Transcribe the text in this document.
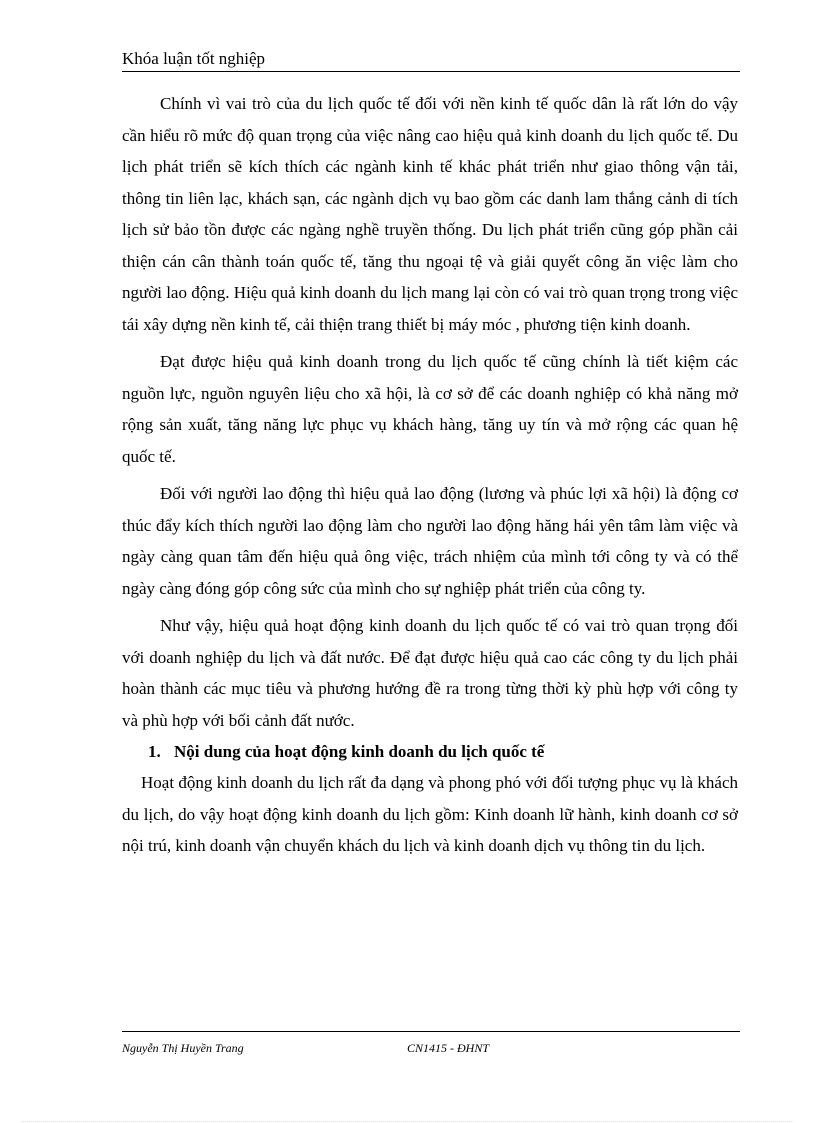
Khóa luận tốt nghiệp

Chính vì vai trò của du lịch quốc tế đối với nền kinh tế quốc dân là rất lớn do vậy cần hiểu rõ mức độ quan trọng của việc nâng cao hiệu quả kinh doanh du lịch quốc tế. Du lịch phát triển sẽ kích thích các ngành kinh tế khác phát triển như giao thông vận tải, thông tin liên lạc, khách sạn, các ngành dịch vụ bao gồm các danh lam thắng cảnh di tích lịch sử bảo tồn được các ngàng nghề truyền thống. Du lịch phát triển cũng góp phần cải thiện cán cân thành toán quốc tế, tăng thu ngoại tệ và giải quyết công ăn việc làm cho người lao động. Hiệu quả kinh doanh du lịch mang lại còn có vai trò quan trọng trong việc tái xây dựng nền kinh tế, cải thiện trang thiết bị máy móc , phương tiện kinh doanh.

Đạt được hiệu quả kinh doanh trong du lịch quốc tế cũng chính là tiết kiệm các nguồn lực, nguồn nguyên liệu cho xã hội, là cơ sở để các doanh nghiệp có khả năng mở rộng sản xuất, tăng năng lực phục vụ khách hàng, tăng uy tín và mở rộng các quan hệ quốc tế.

Đối với người lao động thì hiệu quả lao động (lương và phúc lợi xã hội) là động cơ thúc đẩy kích thích người lao động làm cho người lao động hăng hái yên tâm làm việc và ngày càng quan tâm đến hiệu quả ông việc, trách nhiệm của mình tới công ty và có thể ngày càng đóng góp công sức của mình cho sự nghiệp phát triển của công ty.

Như vậy, hiệu quả hoạt động kinh doanh du lịch quốc tế có vai trò quan trọng đối với doanh nghiệp du lịch và đất nước. Để đạt được hiệu quả cao các công ty du lịch phải hoàn thành các mục tiêu và phương hướng đề ra trong từng thời kỳ phù hợp với công ty và phù hợp với bối cảnh đất nước.

1. Nội dung của hoạt động kinh doanh du lịch quốc tế

Hoạt động kinh doanh du lịch rất đa dạng và phong phó với đối tượng phục vụ là khách du lịch, do vậy hoạt động kinh doanh du lịch gồm: Kinh doanh lữ hành, kinh doanh cơ sở nội trú, kinh doanh vận chuyển khách du lịch và kinh doanh dịch vụ thông tin du lịch.

Nguyễn Thị Huyền Trang	CN1415 - ĐHNT
